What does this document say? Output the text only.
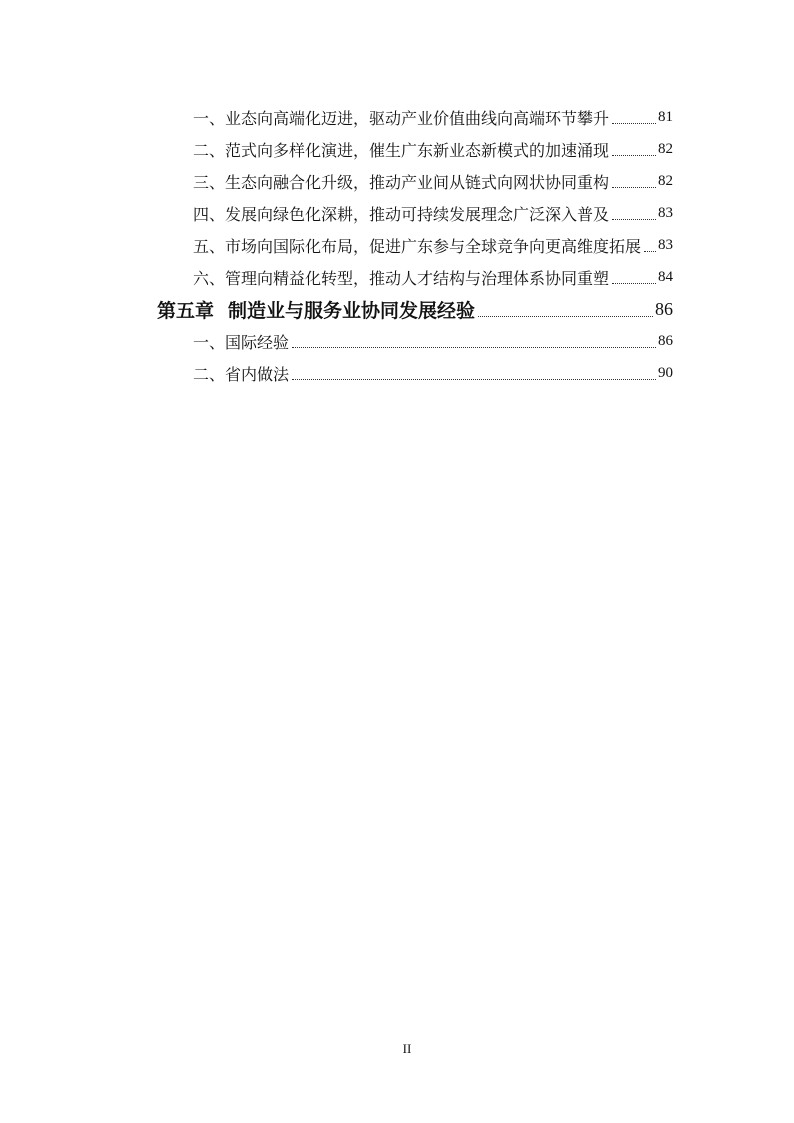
一、业态向高端化迈进，驱动产业价值曲线向高端环节攀升	81
二、范式向多样化演进，催生广东新业态新模式的加速涌现	82
三、生态向融合化升级，推动产业间从链式向网状协同重构	82
四、发展向绿色化深耕，推动可持续发展理念广泛深入普及	83
五、市场向国际化布局，促进广东参与全球竞争向更高维度拓展 83
六、管理向精益化转型，推动人才结构与治理体系协同重塑	84
第五章 制造业与服务业协同发展经验	86
一、国际经验	86
二、省内做法	90
II
